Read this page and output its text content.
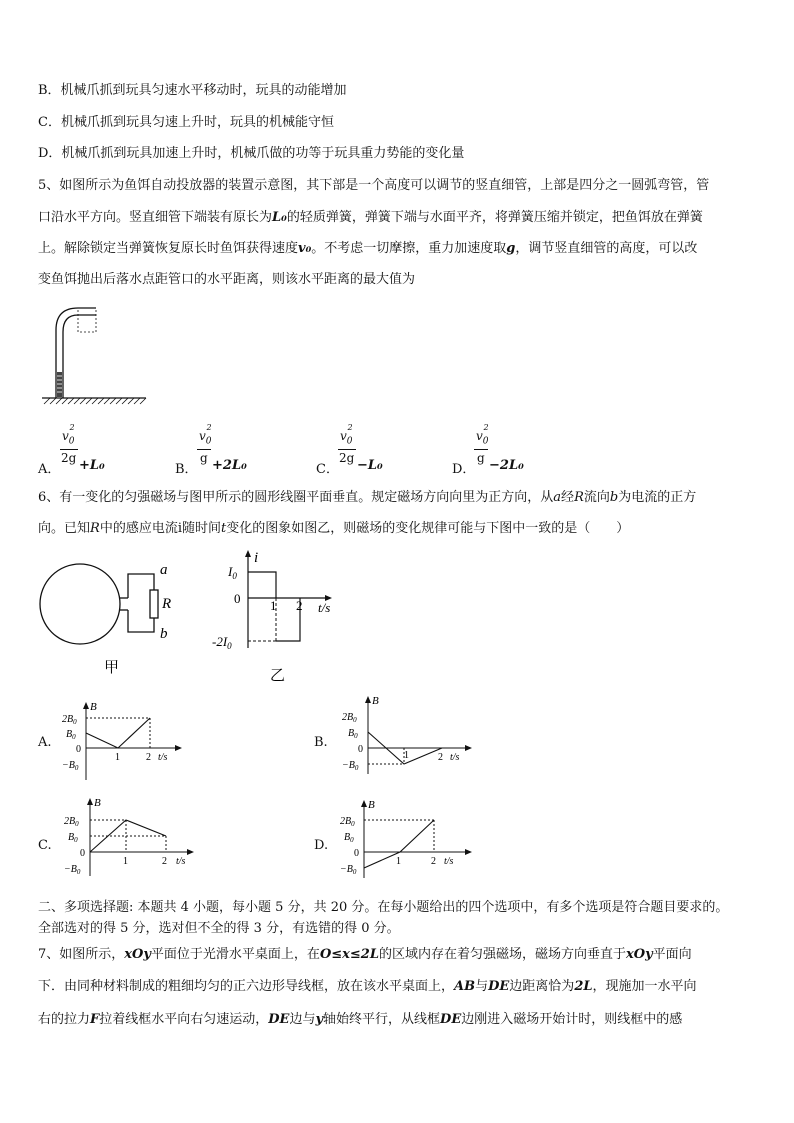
B．机械爪抓到玩具匀速水平移动时，玩具的动能增加
C．机械爪抓到玩具匀速上升时，玩具的机械能守恒
D．机械爪抓到玩具加速上升时，机械爪做的功等于玩具重力势能的变化量
5、如图所示为鱼饵自动投放器的装置示意图，其下部是一个高度可以调节的竖直细管，上部是四分之一圆弧弯管，管
口沿水平方向。竖直细管下端装有原长为L₀的轻质弹簧，弹簧下端与水面平齐，将弹簧压缩并锁定，把鱼饵放在弹簧
上。解除锁定当弹簧恢复原长时鱼饵获得速度v₀。不考虑一切摩擦，重力加速度取g，调节竖直细管的高度，可以改
变鱼饵抛出后落水点距管口的水平距离，则该水平距离的最大值为
A．
$v_0^2$
2g +L₀	B．
$v_0^2$
g +2L₀	C．
$v_0^2$
2g −L₀	D．
$v_0^2$
g −2L₀
6、有一变化的匀强磁场与图甲所示的圆形线圈平面垂直。规定磁场方向向里为正方向，从a经R流向b为电流的正方
向。已知R中的感应电流i随时间t变化的图象如图乙，则磁场的变化规律可能与下图中一致的是（　　）
a
R
b
甲
i
$I_0$
0
$-2I_0$
1 2 t/s
乙
A.
B
$2B_0$
$B_0$
0
$-B_0$
1	2 t/s
B.
B
$2B_0$
$B_0$
0
$-B_0$
1	2 t/s
C.
B
$2B_0$
$B_0$
0
$-B_0$
1	2 t/s
D.
B
$2B_0$
$B_0$
0
$-B_0$
1	2 t/s
二、多项选择题: 本题共 4 小题，每小题 5 分，共 20 分。在每小题给出的四个选项中，有多个选项是符合题目要求的。
全部选对的得 5 分，选对但不全的得 3 分，有选错的得 0 分。
7、如图所示，xOy平面位于光滑水平桌面上，在O≤x≤2L的区域内存在着匀强磁场，磁场方向垂直于xOy平面向
下．由同种材料制成的粗细均匀的正六边形导线框，放在该水平桌面上，AB与DE边距离恰为2L，现施加一水平向
右的拉力F拉着线框水平向右匀速运动，DE边与y轴始终平行，从线框DE边刚进入磁场开始计时，则线框中的感
